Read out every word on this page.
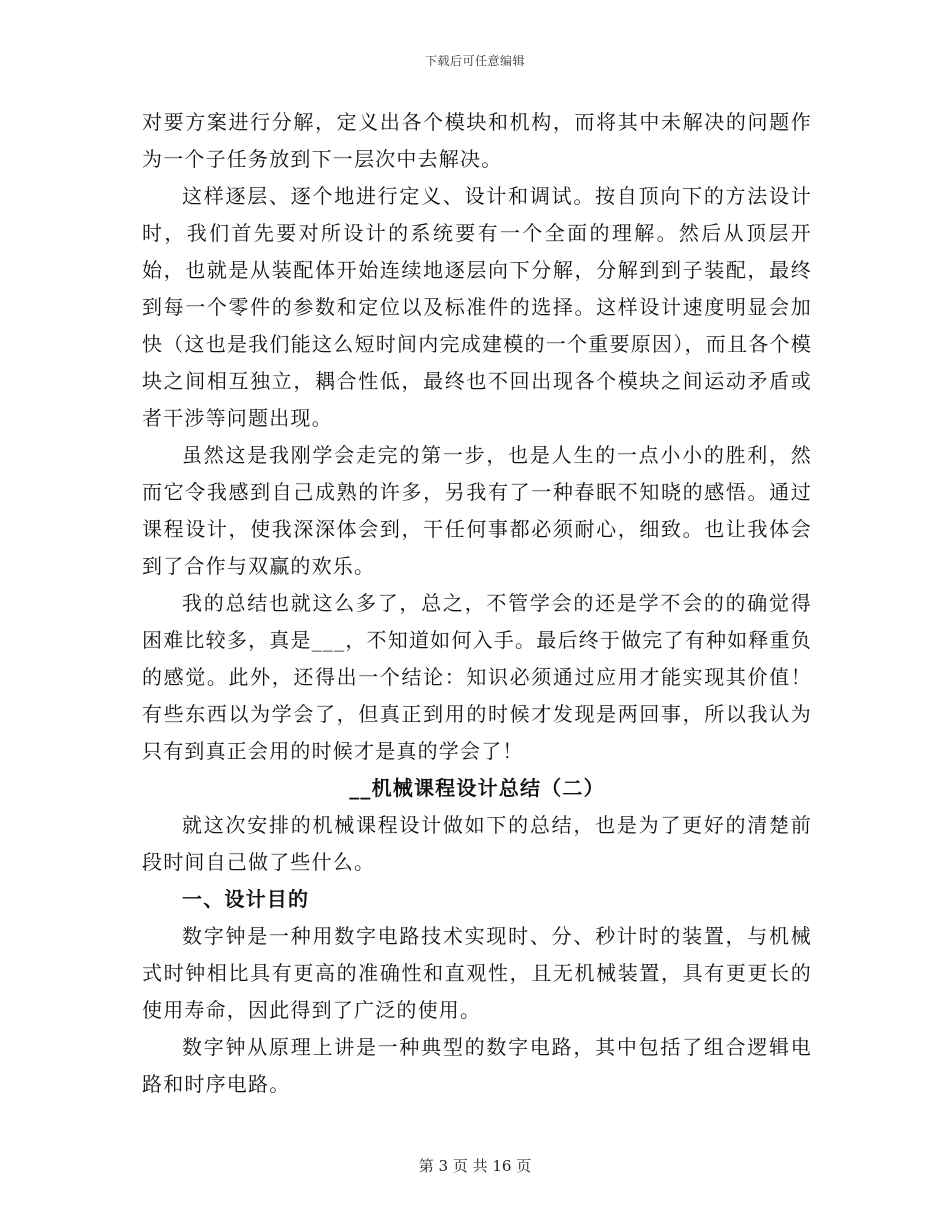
下载后可任意编辑

对要方案进行分解，定义出各个模块和机构，而将其中未解决的问题作为一个子任务放到下一层次中去解决。

这样逐层、逐个地进行定义、设计和调试。按自顶向下的方法设计时，我们首先要对所设计的系统要有一个全面的理解。然后从顶层开始，也就是从装配体开始连续地逐层向下分解，分解到到子装配，最终到每一个零件的参数和定位以及标准件的选择。这样设计速度明显会加快（这也是我们能这么短时间内完成建模的一个重要原因），而且各个模块之间相互独立，耦合性低，最终也不回出现各个模块之间运动矛盾或者干涉等问题出现。

虽然这是我刚学会走完的第一步，也是人生的一点小小的胜利，然而它令我感到自己成熟的许多，另我有了一种春眠不知晓的感悟。通过课程设计，使我深深体会到，干任何事都必须耐心，细致。也让我体会到了合作与双赢的欢乐。

我的总结也就这么多了，总之，不管学会的还是学不会的的确觉得困难比较多，真是___，不知道如何入手。最后终于做完了有种如释重负的感觉。此外，还得出一个结论：知识必须通过应用才能实现其价值！有些东西以为学会了，但真正到用的时候才发现是两回事，所以我认为只有到真正会用的时候才是真的学会了！

__机械课程设计总结（二）

就这次安排的机械课程设计做如下的总结，也是为了更好的清楚前段时间自己做了些什么。

一、设计目的

数字钟是一种用数字电路技术实现时、分、秒计时的装置，与机械式时钟相比具有更高的准确性和直观性，且无机械装置，具有更更长的使用寿命，因此得到了广泛的使用。

数字钟从原理上讲是一种典型的数字电路，其中包括了组合逻辑电路和时序电路。

第 3 页 共 16 页
